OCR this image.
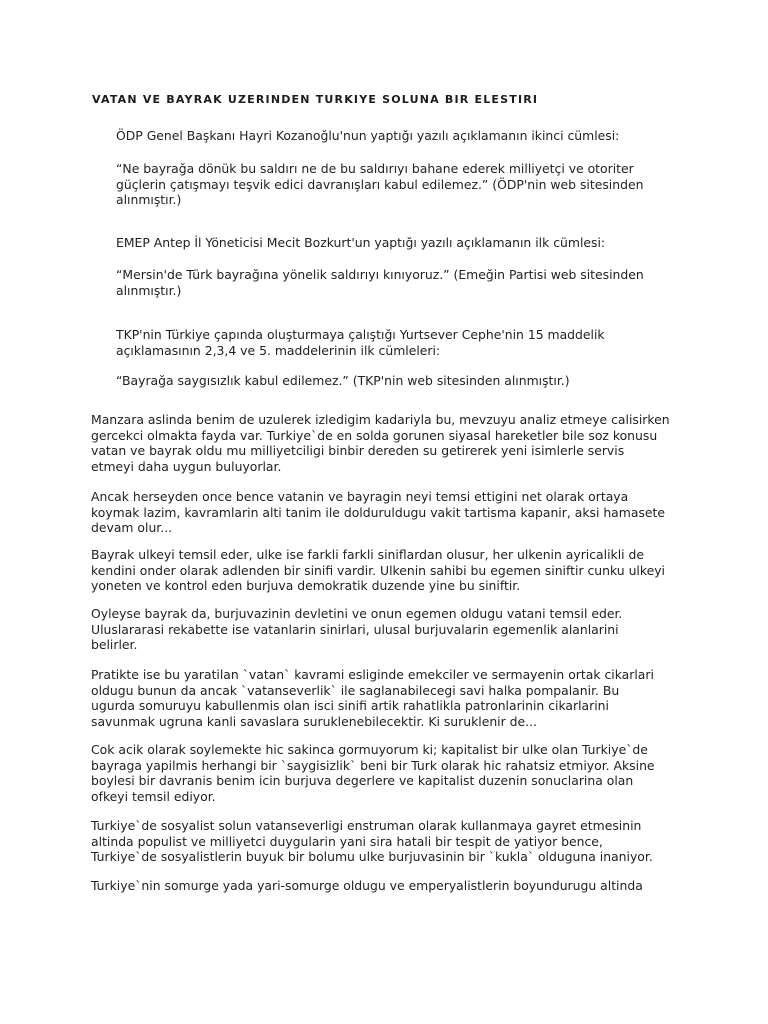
VATAN VE BAYRAK UZERINDEN TURKIYE SOLUNA BIR ELESTIRI

ÖDP Genel Başkanı Hayri Kozanoğlu'nun yaptığı yazılı açıklamanın ikinci cümlesi:

“Ne bayrağa dönük bu saldırı ne de bu saldırıyı bahane ederek milliyetçi ve otoriter
güçlerin çatışmayı teşvik edici davranışları kabul edilemez.” (ÖDP'nin web sitesinden
alınmıştır.)

EMEP Antep İl Yöneticisi Mecit Bozkurt'un yaptığı yazılı açıklamanın ilk cümlesi:

“Mersin'de Türk bayrağına yönelik saldırıyı kınıyoruz.” (Emeğin Partisi web sitesinden
alınmıştır.)

TKP'nin Türkiye çapında oluşturmaya çalıştığı Yurtsever Cephe'nin 15 maddelik
açıklamasının 2,3,4 ve 5. maddelerinin ilk cümleleri:

“Bayrağa saygısızlık kabul edilemez.” (TKP'nin web sitesinden alınmıştır.)

Manzara aslinda benim de uzulerek izledigim kadariyla bu, mevzuyu analiz etmeye calisirken
gercekci olmakta fayda var. Turkiye`de en solda gorunen siyasal hareketler bile soz konusu
vatan ve bayrak oldu mu milliyetciligi binbir dereden su getirerek yeni isimlerle servis
etmeyi daha uygun buluyorlar.

Ancak herseyden once bence vatanin ve bayragin neyi temsi ettigini net olarak ortaya
koymak lazim, kavramlarin alti tanim ile dolduruldugu vakit tartisma kapanir, aksi hamasete
devam olur...

Bayrak ulkeyi temsil eder, ulke ise farkli farkli siniflardan olusur, her ulkenin ayricalikli de
kendini onder olarak adlenden bir sinifi vardir. Ulkenin sahibi bu egemen siniftir cunku ulkeyi
yoneten ve kontrol eden burjuva demokratik duzende yine bu siniftir.

Oyleyse bayrak da, burjuvazinin devletini ve onun egemen oldugu vatani temsil eder.
Uluslararasi rekabette ise vatanlarin sinirlari, ulusal burjuvalarin egemenlik alanlarini
belirler.

Pratikte ise bu yaratilan `vatan` kavrami esliginde emekciler ve sermayenin ortak cikarlari
oldugu bunun da ancak `vatanseverlik` ile saglanabilecegi savi halka pompalanir. Bu
ugurda somuruyu kabullenmis olan isci sinifi artik rahatlikla patronlarinin cikarlarini
savunmak ugruna kanli savaslara suruklenebilecektir. Ki suruklenir de...

Cok acik olarak soylemekte hic sakinca gormuyorum ki; kapitalist bir ulke olan Turkiye`de
bayraga yapilmis herhangi bir `saygisizlik` beni bir Turk olarak hic rahatsiz etmiyor. Aksine
boylesi bir davranis benim icin burjuva degerlere ve kapitalist duzenin sonuclarina olan
ofkeyi temsil ediyor.

Turkiye`de sosyalist solun vatanseverligi enstruman olarak kullanmaya gayret etmesinin
altinda populist ve milliyetci duygularin yani sira hatali bir tespit de yatiyor bence,
Turkiye`de sosyalistlerin buyuk bir bolumu ulke burjuvasinin bir `kukla` olduguna inaniyor.

Turkiye`nin somurge yada yari-somurge oldugu ve emperyalistlerin boyundurugu altinda
